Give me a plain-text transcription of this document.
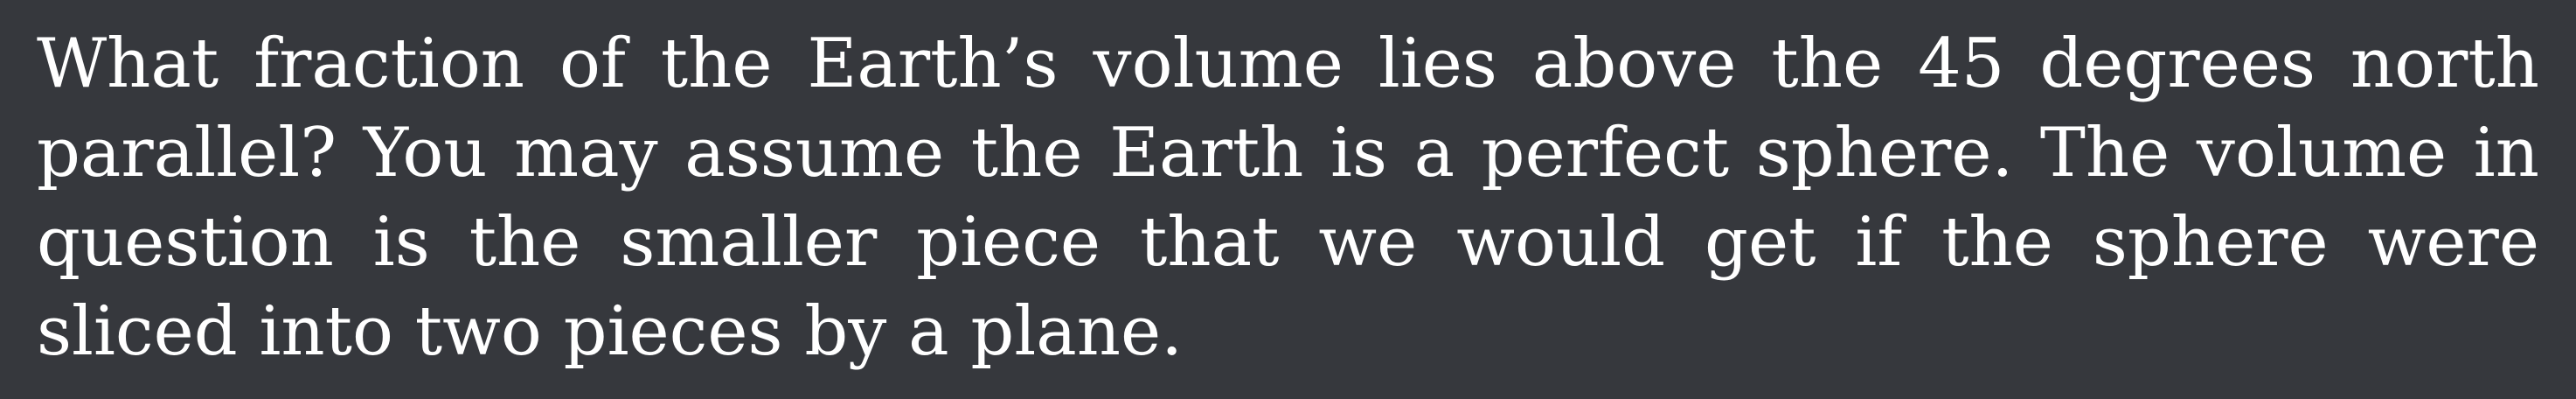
What fraction of the Earth’s volume lies above the 45 degrees north parallel? You may assume the Earth is a perfect sphere. The volume in question is the smaller piece that we would get if the sphere were sliced into two pieces by a plane.
